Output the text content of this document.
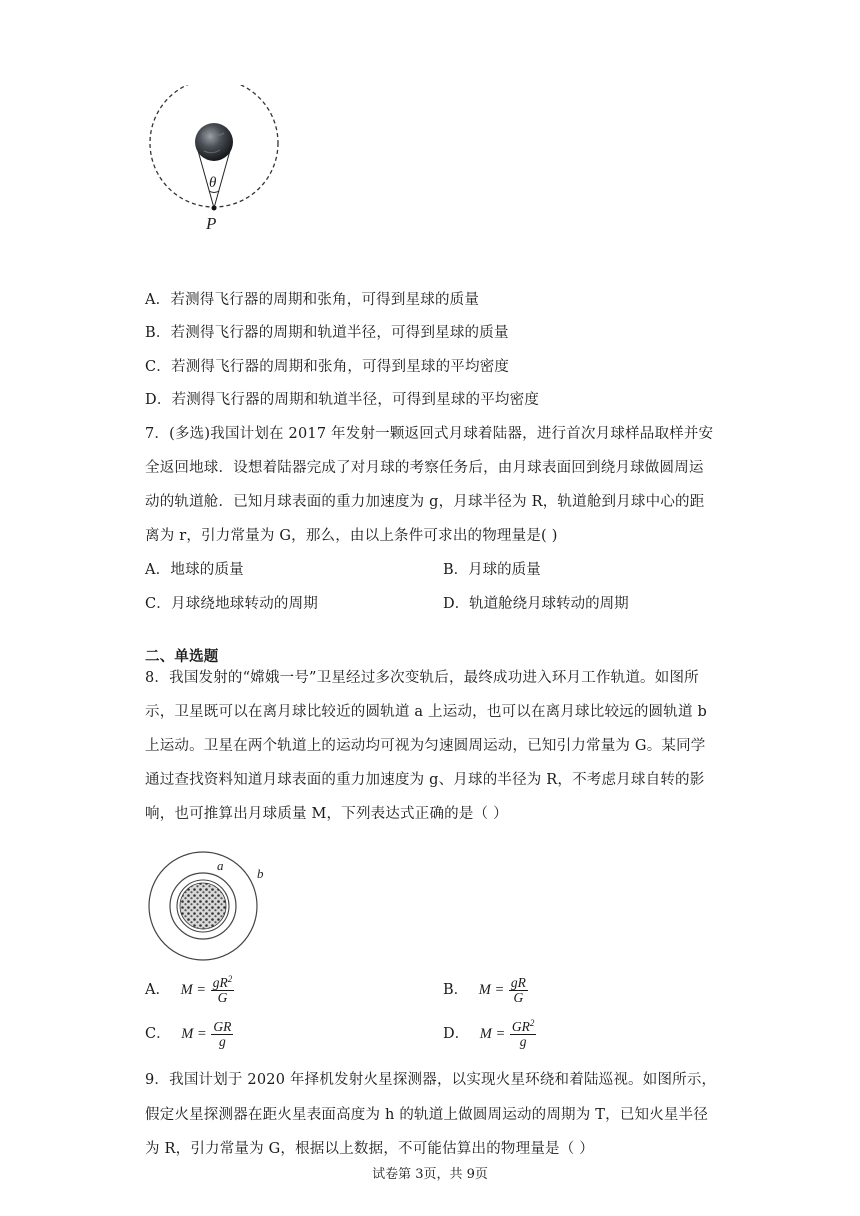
θ
P
A．若测得飞行器的周期和张角，可得到星球的质量
B．若测得飞行器的周期和轨道半径，可得到星球的质量
C．若测得飞行器的周期和张角，可得到星球的平均密度
D．若测得飞行器的周期和轨道半径，可得到星球的平均密度
7．(多选)我国计划在 2017 年发射一颗返回式月球着陆器，进行首次月球样品取样并安
全返回地球．设想着陆器完成了对月球的考察任务后，由月球表面回到绕月球做圆周运
动的轨道舱．已知月球表面的重力加速度为 g，月球半径为 R，轨道舱到月球中心的距
离为 r，引力常量为 G，那么，由以上条件可求出的物理量是( )
A．地球的质量	B．月球的质量
C．月球绕地球转动的周期	D．轨道舱绕月球转动的周期
二、单选题
8．我国发射的“嫦娥一号”卫星经过多次变轨后，最终成功进入环月工作轨道。如图所
示，卫星既可以在离月球比较近的圆轨道 a 上运动，也可以在离月球比较远的圆轨道 b
上运动。卫星在两个轨道上的运动均可视为匀速圆周运动，已知引力常量为 G。某同学
通过查找资料知道月球表面的重力加速度为 g、月球的半径为 R，不考虑月球自转的影
响，也可推算出月球质量 M，下列表达式正确的是（ ）
a
b
A． $M = \frac{gR^2}{G}$	B． $M = \frac{gR}{G}$
C． $M = \frac{GR}{g}$	D． $M = \frac{GR^2}{g}$
9．我国计划于 2020 年择机发射火星探测器，以实现火星环绕和着陆巡视。如图所示，
假定火星探测器在距火星表面高度为 h 的轨道上做圆周运动的周期为 T，已知火星半径
为 R，引力常量为 G，根据以上数据，不可能估算出的物理量是（ ）
试卷第 3页，共 9页
